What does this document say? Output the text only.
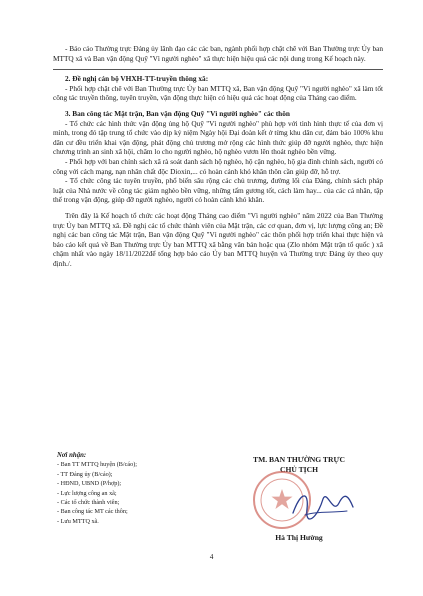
- Báo cáo Thường trực Đảng ủy lãnh đạo các các ban, ngành phối hợp chặt chẽ với Ban Thường trực Ủy ban MTTQ xã và Ban vận động Quỹ "Vì người nghèo" xã thực hiện hiệu quả các nội dung trong Kế hoạch này.

2. Đề nghị cán bộ VHXH-TT-truyền thông xã:

- Phối hợp chặt chẽ với Ban Thường trực Ủy ban MTTQ xã, Ban vận động Quỹ "Vì người nghèo" xã làm tốt công tác truyền thông, tuyên truyền, vận động thực hiện có hiệu quả các hoạt động của Tháng cao điểm.

3. Ban công tác Mặt trận, Ban vận động Quỹ "Vì người nghèo" các thôn

- Tổ chức các hình thức vận động ủng hộ Quỹ "Vì người nghèo" phù hợp với tình hình thực tế của đơn vị mình, trong đó tập trung tổ chức vào dịp kỷ niệm Ngày hội Đại đoàn kết ở từng khu dân cư, đảm bảo 100% khu dân cư đều triển khai vận động, phát động chủ trương mở rộng các hình thức giúp đỡ người nghèo, thực hiện chương trình an sinh xã hội, chăm lo cho người nghèo, hộ nghèo vươn lên thoát nghèo bền vững.

- Phối hợp với ban chính sách xã rà soát danh sách hộ nghèo, hộ cận nghèo, hộ gia đình chính sách, người có công với cách mạng, nạn nhân chất độc Dioxin,... có hoàn cảnh khó khăn thôn cần giúp đỡ, hỗ trợ.

- Tổ chức công tác tuyên truyền, phổ biến sâu rộng các chủ trương, đường lối của Đảng, chính sách pháp luật của Nhà nước về công tác giảm nghèo bền vững, những tấm gương tốt, cách làm hay... của các cá nhân, tập thể trong vận động, giúp đỡ người nghèo, người có hoàn cảnh khó khăn.

Trên đây là Kế hoạch tổ chức các hoạt động Tháng cao điểm "Vì người nghèo" năm 2022 của Ban Thường trực Ủy ban MTTQ xã. Đề nghị các tổ chức thành viên của Mặt trận, các cơ quan, đơn vị, lực lượng công an; Đề nghị các ban công tác Mặt trận, Ban vận động Quỹ "Vì người nghèo" các thôn phối hợp triển khai thực hiện và báo cáo kết quả về Ban Thường trực Ủy ban MTTQ xã bằng văn bản hoặc qua (Zlo nhóm Mặt trận tổ quốc ) xã chậm nhất vào ngày 18/11/2022để tổng hợp báo cáo Ủy ban MTTQ huyện và Thường trực Đảng ủy theo quy định./.

Nơi nhận:
- Ban TT MTTQ huyện (B/cáo);
- TT Đảng ủy (B/cáo);
- HĐND, UBND (P/hợp);
- Lực lượng công an xã;
- Các tổ chức thành viên;
- Ban công tác MT các thôn;
- Lưu MTTQ xã.
TM. BAN THƯỜNG TRỰC
CHỦ TỊCH
Hà Thị Hường
4
